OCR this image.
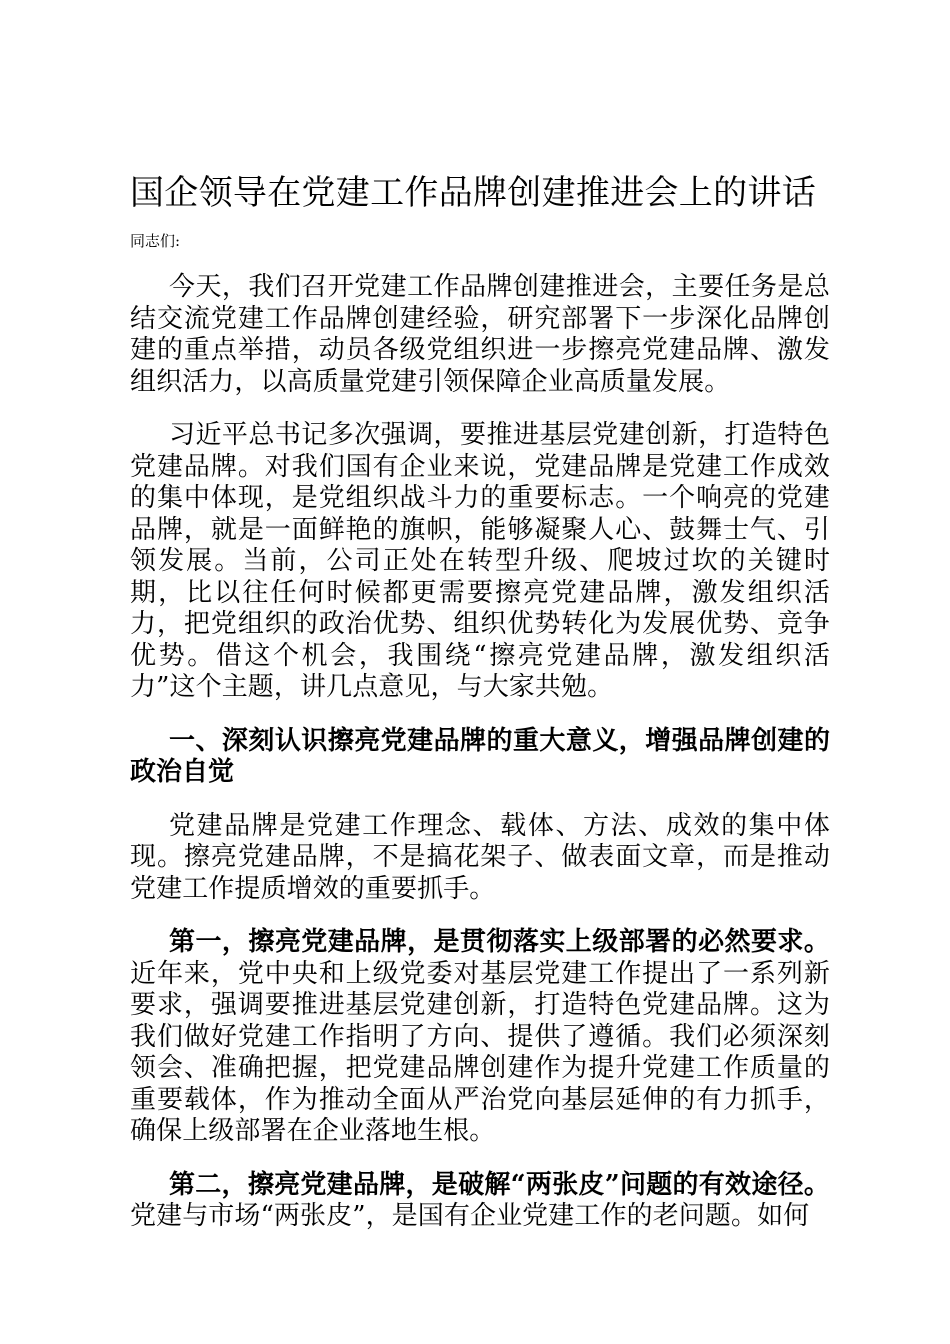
国企领导在党建工作品牌创建推进会上的讲话
同志们:

今天，我们召开党建工作品牌创建推进会，主要任务是总结交流党建工作品牌创建经验，研究部署下一步深化品牌创建的重点举措，动员各级党组织进一步擦亮党建品牌、激发组织活力，以高质量党建引领保障企业高质量发展。

习近平总书记多次强调，要推进基层党建创新，打造特色党建品牌。对我们国有企业来说，党建品牌是党建工作成效的集中体现，是党组织战斗力的重要标志。一个响亮的党建品牌，就是一面鲜艳的旗帜，能够凝聚人心、鼓舞士气、引领发展。当前，公司正处在转型升级、爬坡过坎的关键时期，比以往任何时候都更需要擦亮党建品牌，激发组织活力，把党组织的政治优势、组织优势转化为发展优势、竞争优势。借这个机会，我围绕“擦亮党建品牌，激发组织活力”这个主题，讲几点意见，与大家共勉。

一、深刻认识擦亮党建品牌的重大意义，增强品牌创建的政治自觉

党建品牌是党建工作理念、载体、方法、成效的集中体现。擦亮党建品牌，不是搞花架子、做表面文章，而是推动党建工作提质增效的重要抓手。

第一，擦亮党建品牌，是贯彻落实上级部署的必然要求。近年来，党中央和上级党委对基层党建工作提出了一系列新要求，强调要推进基层党建创新，打造特色党建品牌。这为我们做好党建工作指明了方向、提供了遵循。我们必须深刻领会、准确把握，把党建品牌创建作为提升党建工作质量的重要载体，作为推动全面从严治党向基层延伸的有力抓手，确保上级部署在企业落地生根。

第二，擦亮党建品牌，是破解“两张皮”问题的有效途径。党建与市场“两张皮”，是国有企业党建工作的老问题。如何
